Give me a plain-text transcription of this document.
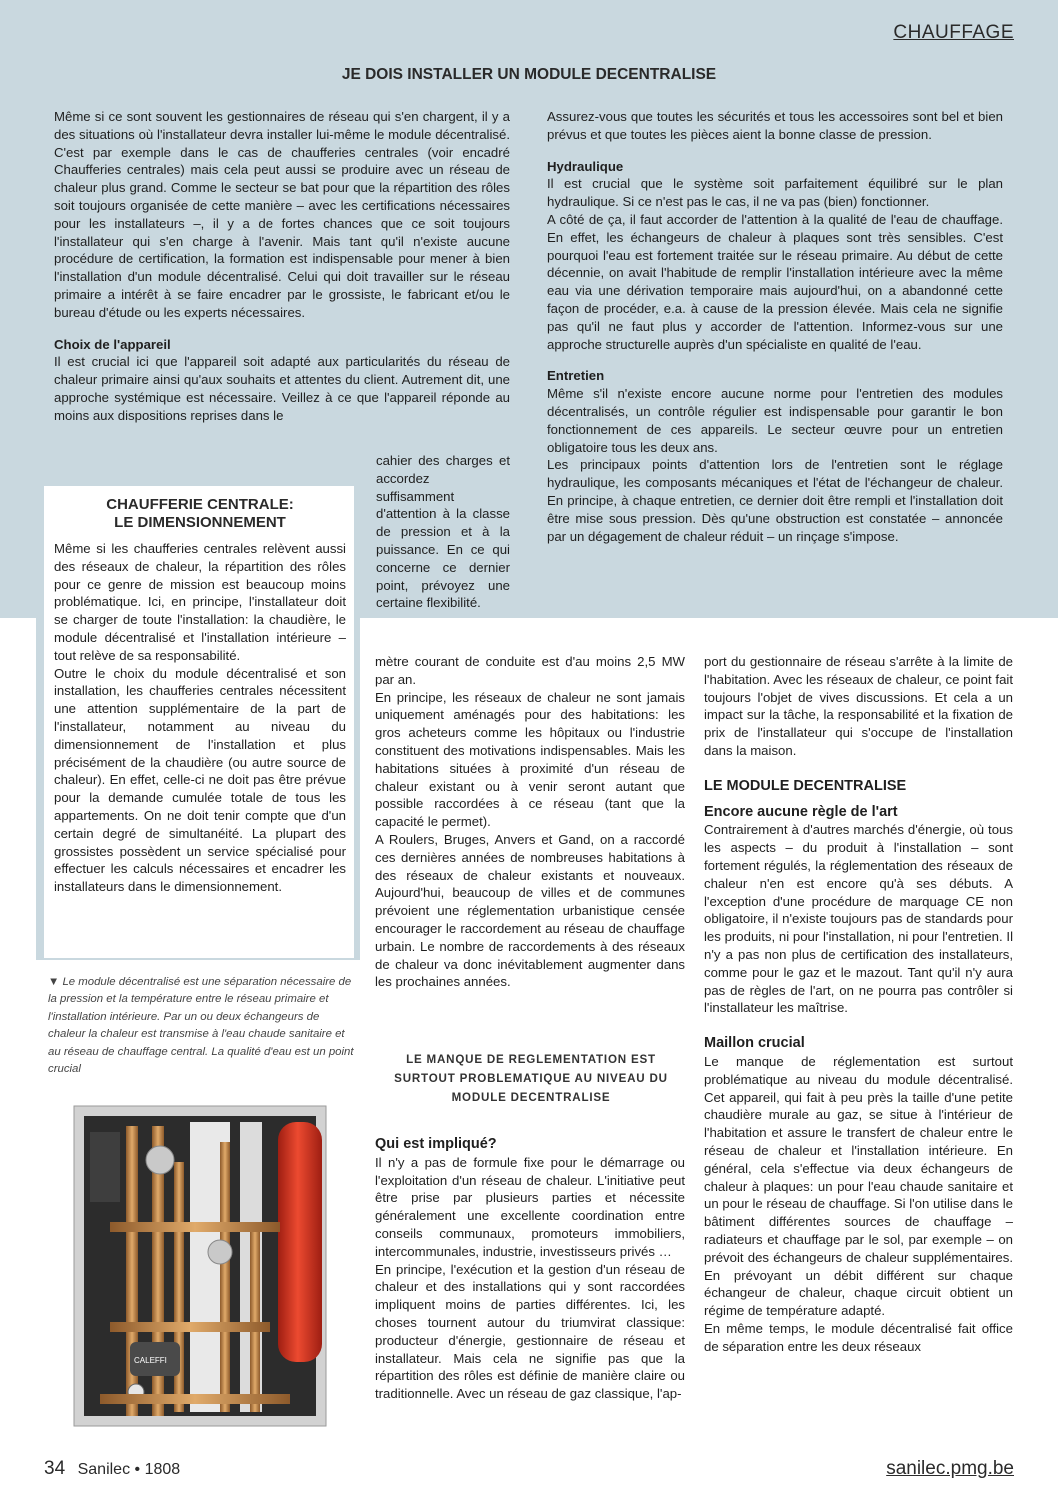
CHAUFFAGE
JE DOIS INSTALLER UN MODULE DECENTRALISE

Même si ce sont souvent les gestionnaires de réseau qui s'en chargent, il y a des situations où l'installateur devra installer lui-même le module décentralisé. C'est par exemple dans le cas de chaufferies centrales (voir encadré Chaufferies centrales) mais cela peut aussi se produire avec un réseau de chaleur plus grand. Comme le secteur se bat pour que la répartition des rôles soit toujours organisée de cette manière – avec les certifications nécessaires pour les installateurs –, il y a de fortes chances que ce soit toujours l'installateur qui s'en charge à l'avenir. Mais tant qu'il n'existe aucune procédure de certification, la formation est indispensable pour mener à bien l'installation d'un module décentralisé. Celui qui doit travailler sur le réseau primaire a intérêt à se faire encadrer par le grossiste, le fabricant et/ou le bureau d'étude ou les experts nécessaires.

Choix de l'appareil

Il est crucial ici que l'appareil soit adapté aux particularités du réseau de chaleur primaire ainsi qu'aux souhaits et attentes du client. Autrement dit, une approche systémique est nécessaire. Veillez à ce que l'appareil réponde au moins aux dispositions reprises dans le

cahier des charges et accordez suffisamment d'attention à la classe de pression et à la puissance. En ce qui concerne ce dernier point, prévoyez une certaine flexibilité.

Assurez-vous que toutes les sécurités et tous les accessoires sont bel et bien prévus et que toutes les pièces aient la bonne classe de pression.

Hydraulique

Il est crucial que le système soit parfaitement équilibré sur le plan hydraulique. Si ce n'est pas le cas, il ne va pas (bien) fonctionner.

A côté de ça, il faut accorder de l'attention à la qualité de l'eau de chauffage. En effet, les échangeurs de chaleur à plaques sont très sensibles. C'est pourquoi l'eau est fortement traitée sur le réseau primaire. Au début de cette décennie, on avait l'habitude de remplir l'installation intérieure avec la même eau via une dérivation temporaire mais aujourd'hui, on a abandonné cette façon de procéder, e.a. à cause de la pression élevée. Mais cela ne signifie pas qu'il ne faut plus y accorder de l'attention. Informez-vous sur une approche structurelle auprès d'un spécialiste en qualité de l'eau.

Entretien

Même s'il n'existe encore aucune norme pour l'entretien des modules décentralisés, un contrôle régulier est indispensable pour garantir le bon fonctionnement de ces appareils. Le secteur œuvre pour un entretien obligatoire tous les deux ans.

Les principaux points d'attention lors de l'entretien sont le réglage hydraulique, les composants mécaniques et l'état de l'échangeur de chaleur. En principe, à chaque entretien, ce dernier doit être rempli et l'installation doit être mise sous pression. Dès qu'une obstruction est constatée – annoncée par un dégagement de chaleur réduit – un rinçage s'impose.

CHAUFFERIE CENTRALE:
LE DIMENSIONNEMENT

Même si les chaufferies centrales relèvent aussi des réseaux de chaleur, la répartition des rôles pour ce genre de mission est beaucoup moins problématique. Ici, en principe, l'installateur doit se charger de toute l'installation: la chaudière, le module décentralisé et l'installation intérieure – tout relève de sa responsabilité.

Outre le choix du module décentralisé et son installation, les chaufferies centrales nécessitent une attention supplémentaire de la part de l'installateur, notamment au niveau du dimensionnement de l'installation et plus précisément de la chaudière (ou autre source de chaleur). En effet, celle-ci ne doit pas être prévue pour la demande cumulée totale de tous les appartements. On ne doit tenir compte que d'un certain degré de simultanéité. La plupart des grossistes possèdent un service spécialisé pour effectuer les calculs nécessaires et encadrer les installateurs dans le dimensionnement.

▼ Le module décentralisé est une séparation nécessaire de la pression et la température entre le réseau primaire et l'installation intérieure. Par un ou deux échangeurs de chaleur la chaleur est transmise à l'eau chaude sanitaire et au réseau de chauffage central. La qualité d'eau est un point crucial
CALEFFI

mètre courant de conduite est d'au moins 2,5 MW par an.

En principe, les réseaux de chaleur ne sont jamais uniquement aménagés pour des habitations: les gros acheteurs comme les hôpitaux ou l'industrie constituent des motivations indispensables. Mais les habitations situées à proximité d'un réseau de chaleur existant ou à venir seront autant que possible raccordées à ce réseau (tant que la capacité le permet).

A Roulers, Bruges, Anvers et Gand, on a raccordé ces dernières années de nombreuses habitations à des réseaux de chaleur existants et nouveaux. Aujourd'hui, beaucoup de villes et de communes prévoient une réglementation urbanistique censée encourager le raccordement au réseau de chauffage urbain. Le nombre de raccordements à des réseaux de chaleur va donc inévitablement augmenter dans les prochaines années.

LE MANQUE DE REGLEMENTATION EST
SURTOUT PROBLEMATIQUE AU NIVEAU DU
MODULE DECENTRALISE

Qui est impliqué?

Il n'y a pas de formule fixe pour le démarrage ou l'exploitation d'un réseau de chaleur. L'initiative peut être prise par plusieurs parties et nécessite généralement une excellente coordination entre conseils communaux, promoteurs immobiliers, intercommunales, industrie, investisseurs privés …

En principe, l'exécution et la gestion d'un réseau de chaleur et des installations qui y sont raccordées impliquent moins de parties différentes. Ici, les choses tournent autour du triumvirat classique: producteur d'énergie, gestionnaire de réseau et installateur. Mais cela ne signifie pas que la répartition des rôles est définie de manière claire ou traditionnelle. Avec un réseau de gaz classique, l'ap-

port du gestionnaire de réseau s'arrête à la limite de l'habitation. Avec les réseaux de chaleur, ce point fait toujours l'objet de vives discussions. Et cela a un impact sur la tâche, la responsabilité et la fixation de prix de l'installateur qui s'occupe de l'installation dans la maison.

LE MODULE DECENTRALISE

Encore aucune règle de l'art

Contrairement à d'autres marchés d'énergie, où tous les aspects – du produit à l'installation – sont fortement régulés, la réglementation des réseaux de chaleur n'en est encore qu'à ses débuts. A l'exception d'une procédure de marquage CE non obligatoire, il n'existe toujours pas de standards pour les produits, ni pour l'installation, ni pour l'entretien. Il n'y a pas non plus de certification des installateurs, comme pour le gaz et le mazout. Tant qu'il n'y aura pas de règles de l'art, on ne pourra pas contrôler si l'installateur les maîtrise.

Maillon crucial

Le manque de réglementation est surtout problématique au niveau du module décentralisé. Cet appareil, qui fait à peu près la taille d'une petite chaudière murale au gaz, se situe à l'intérieur de l'habitation et assure le transfert de chaleur entre le réseau de chaleur et l'installation intérieure. En général, cela s'effectue via deux échangeurs de chaleur à plaques: un pour l'eau chaude sanitaire et un pour le réseau de chauffage. Si l'on utilise dans le bâtiment différentes sources de chauffage – radiateurs et chauffage par le sol, par exemple – on prévoit des échangeurs de chaleur supplémentaires. En prévoyant un débit différent sur chaque échangeur de chaleur, chaque circuit obtient un régime de température adapté.

En même temps, le module décentralisé fait office de séparation entre les deux réseaux

34 Sanilec • 1808	sanilec.pmg.be
